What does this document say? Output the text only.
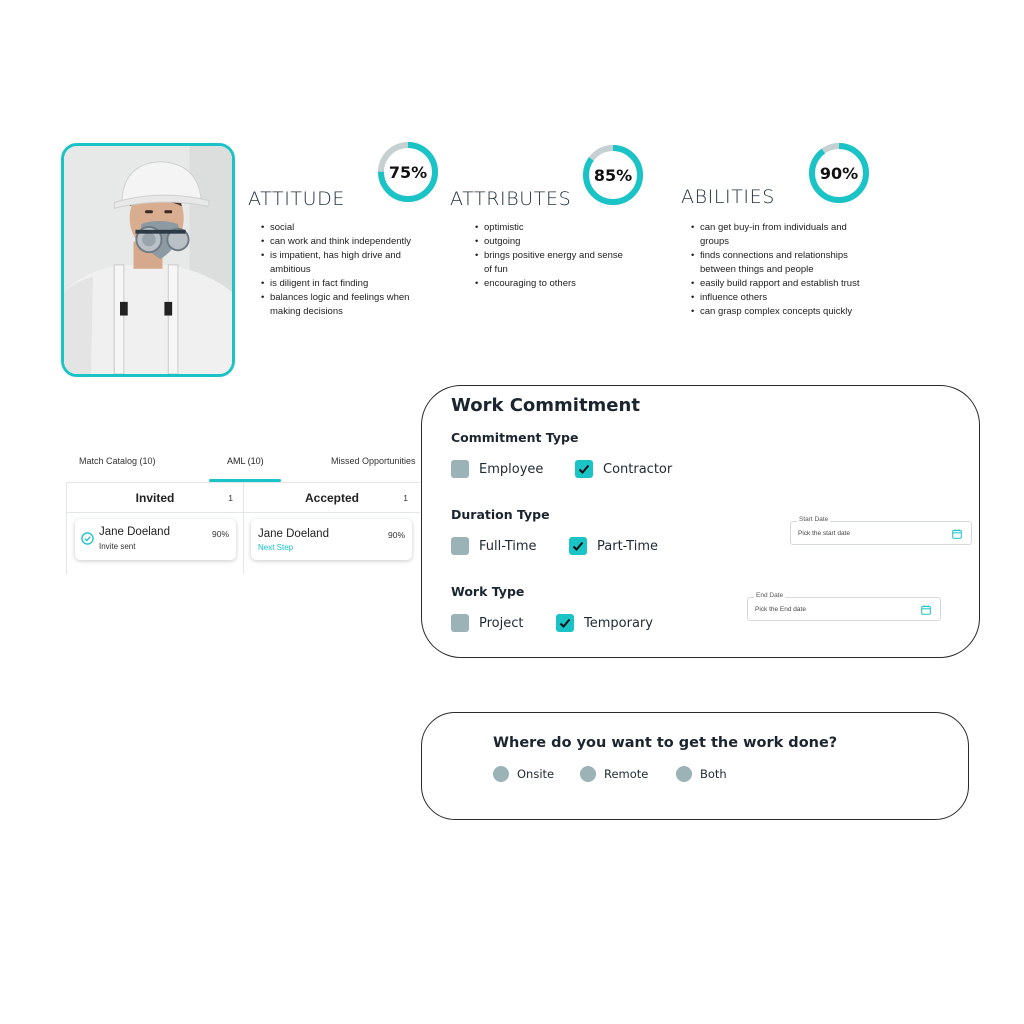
75%
ATTITUDE
• social
• can work and think independently
• is impatient, has high drive and ambitious
• is diligent in fact finding
• balances logic and feelings when making decisions
85%
ATTRIBUTES
• optimistic
• outgoing
• brings positive energy and sense of fun
• encouraging to others
90%
ABILITIES
• can get buy-in from individuals and groups
• finds connections and relationships between things and people
• easily build rapport and establish trust
• influence others
• can grasp complex concepts quickly
Match Catalog (10)	AML (10)	Missed Opportunities
Invited	1
Jane Doeland
Invite sent
90%
Accepted	1
Jane Doeland
Next Step
90%
Work Commitment
Commitment Type
Employee	Contractor
Duration Type
Full-Time	Part-Time
Work Type
Project	Temporary
Start Date
Pick the start date
End Date
Pick the End date
Where do you want to get the work done?
Onsite	Remote	Both
